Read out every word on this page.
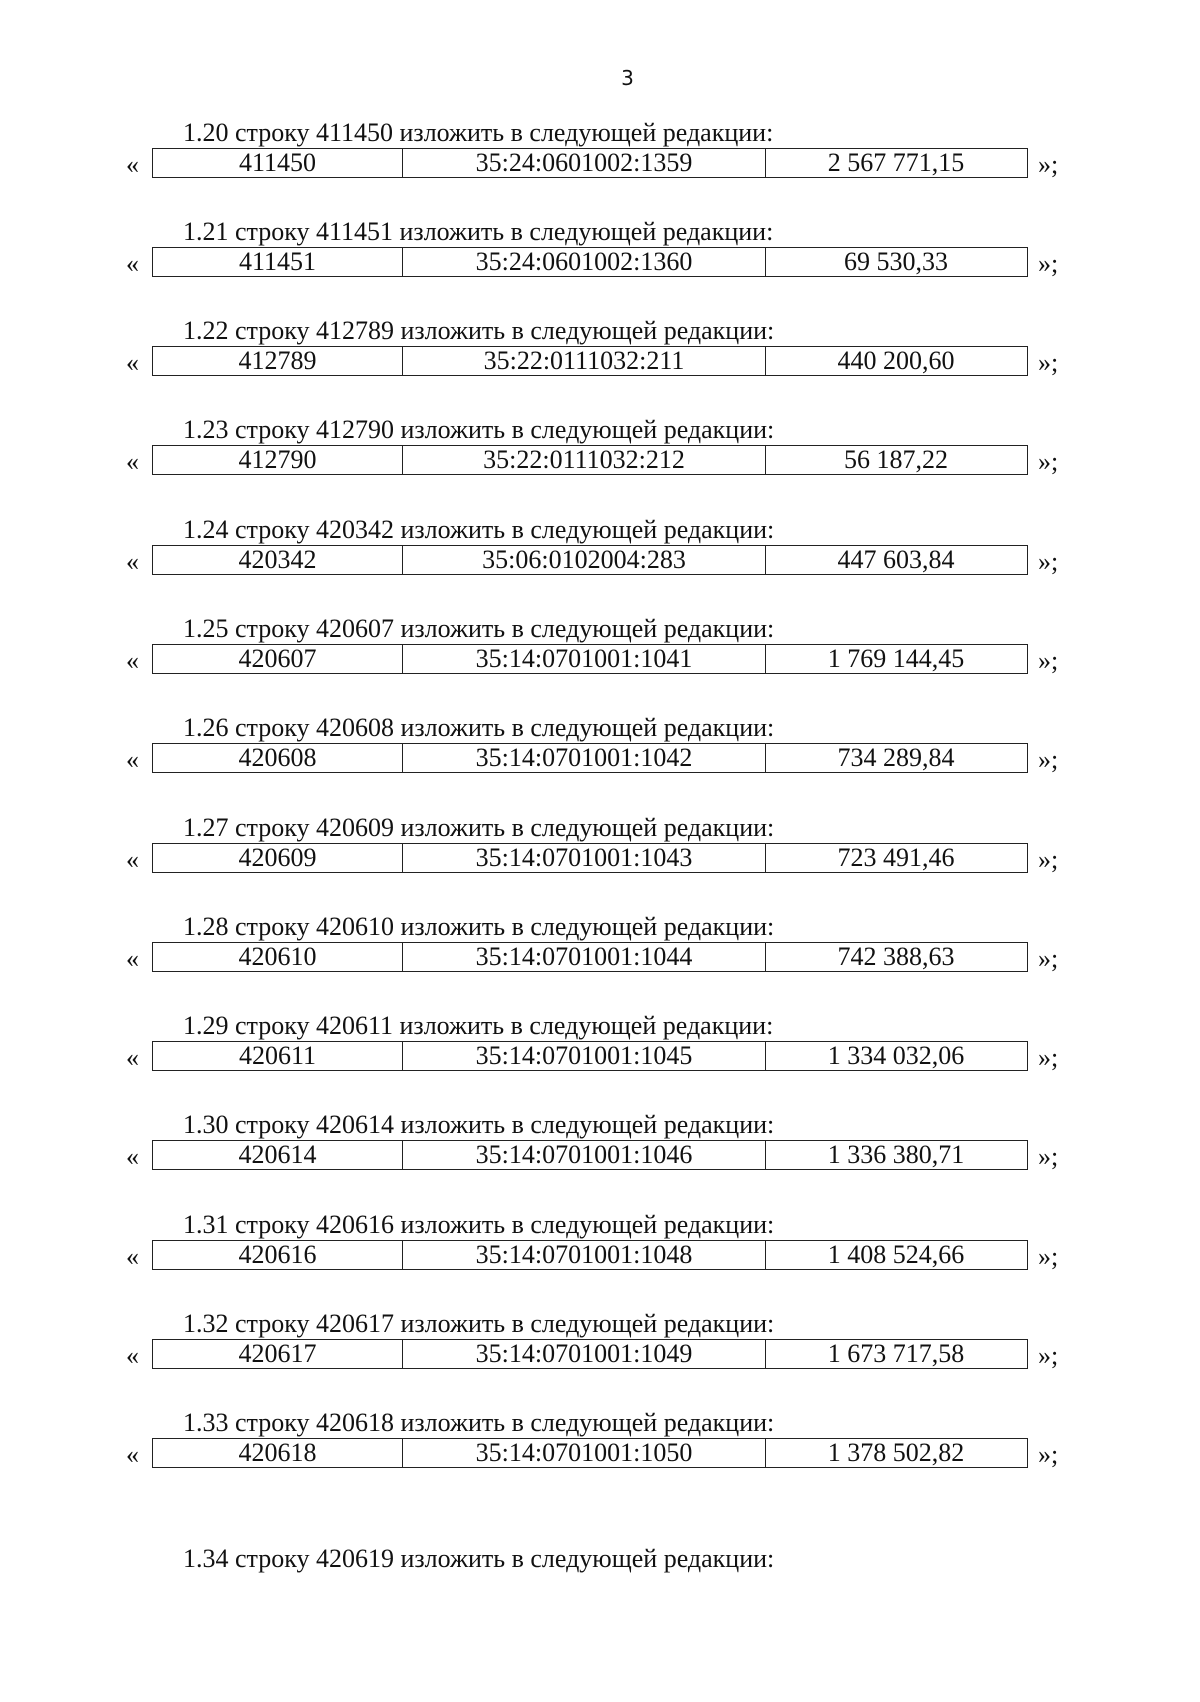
3
1.20 строку 411450 изложить в следующей редакции:
«	411450	35:24:0601002:1359	2 567 771,15	»;
1.21 строку 411451 изложить в следующей редакции:
«	411451	35:24:0601002:1360	69 530,33	»;
1.22 строку 412789 изложить в следующей редакции:
«	412789	35:22:0111032:211	440 200,60	»;
1.23 строку 412790 изложить в следующей редакции:
«	412790	35:22:0111032:212	56 187,22	»;
1.24 строку 420342 изложить в следующей редакции:
«	420342	35:06:0102004:283	447 603,84	»;
1.25 строку 420607 изложить в следующей редакции:
«	420607	35:14:0701001:1041	1 769 144,45	»;
1.26 строку 420608 изложить в следующей редакции:
«	420608	35:14:0701001:1042	734 289,84	»;
1.27 строку 420609 изложить в следующей редакции:
«	420609	35:14:0701001:1043	723 491,46	»;
1.28 строку 420610 изложить в следующей редакции:
«	420610	35:14:0701001:1044	742 388,63	»;
1.29 строку 420611 изложить в следующей редакции:
«	420611	35:14:0701001:1045	1 334 032,06	»;
1.30 строку 420614 изложить в следующей редакции:
«	420614	35:14:0701001:1046	1 336 380,71	»;
1.31 строку 420616 изложить в следующей редакции:
«	420616	35:14:0701001:1048	1 408 524,66	»;
1.32 строку 420617 изложить в следующей редакции:
«	420617	35:14:0701001:1049	1 673 717,58	»;
1.33 строку 420618 изложить в следующей редакции:
«	420618	35:14:0701001:1050	1 378 502,82	»;
1.34 строку 420619 изложить в следующей редакции:
